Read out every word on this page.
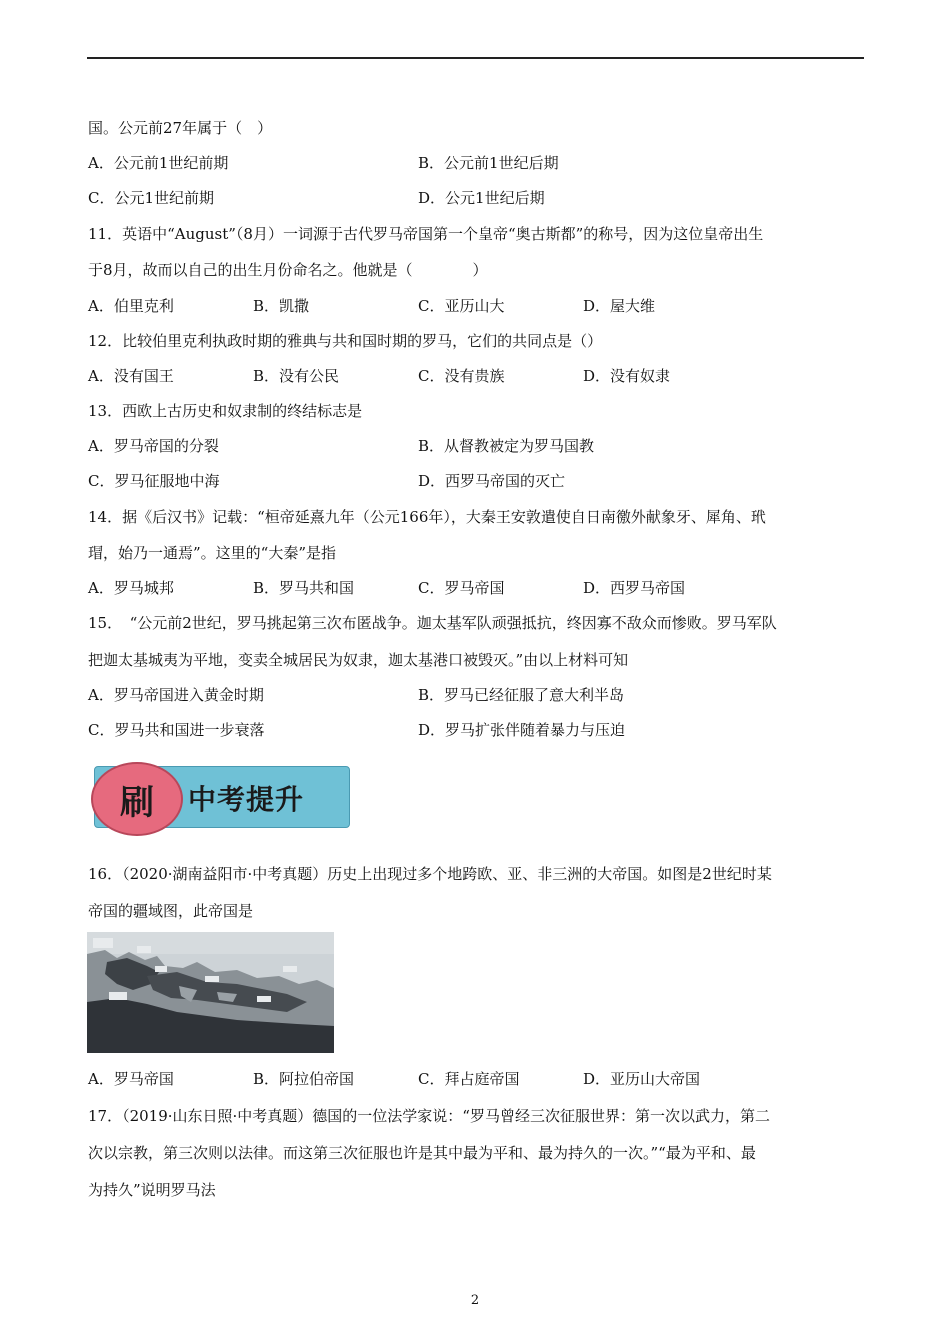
国。公元前27年属于（　）
A．公元前1世纪前期	B．公元前1世纪后期
C．公元1世纪前期	D．公元1世纪后期
11．英语中“August”（8月）一词源于古代罗马帝国第一个皇帝“奥古斯都”的称号，因为这位皇帝出生
于8月，故而以自己的出生月份命名之。他就是（　　　　）
A．伯里克利	B．凯撒	C．亚历山大	D．屋大维
12．比较伯里克利执政时期的雅典与共和国时期的罗马，它们的共同点是（）
A．没有国王	B．没有公民	C．没有贵族	D．没有奴隶
13．西欧上古历史和奴隶制的终结标志是
A．罗马帝国的分裂	B．从督教被定为罗马国教
C．罗马征服地中海	D．西罗马帝国的灭亡
14．据《后汉书》记载：“桓帝延熹九年（公元166年），大秦王安敦遣使自日南徼外献象牙、犀角、玳
瑁，始乃一通焉”。这里的“大秦”是指
A．罗马城邦	B．罗马共和国	C．罗马帝国	D．西罗马帝国
15．　“公元前2世纪，罗马挑起第三次布匿战争。迦太基军队顽强抵抗，终因寡不敌众而惨败。罗马军队
把迦太基城夷为平地，变卖全城居民为奴隶，迦太基港口被毁灭。”由以上材料可知
A．罗马帝国进入黄金时期	B．罗马已经征服了意大利半岛
C．罗马共和国进一步衰落	D．罗马扩张伴随着暴力与压迫
刷 中考提升
16．（2020·湖南益阳市·中考真题）历史上出现过多个地跨欧、亚、非三洲的大帝国。如图是2世纪时某
帝国的疆域图，此帝国是
A．罗马帝国	B．阿拉伯帝国	C．拜占庭帝国	D．亚历山大帝国
17．（2019·山东日照·中考真题）德国的一位法学家说：“罗马曾经三次征服世界：第一次以武力，第二
次以宗教，第三次则以法律。而这第三次征服也许是其中最为平和、最为持久的一次。”“最为平和、最
为持久”说明罗马法
2
